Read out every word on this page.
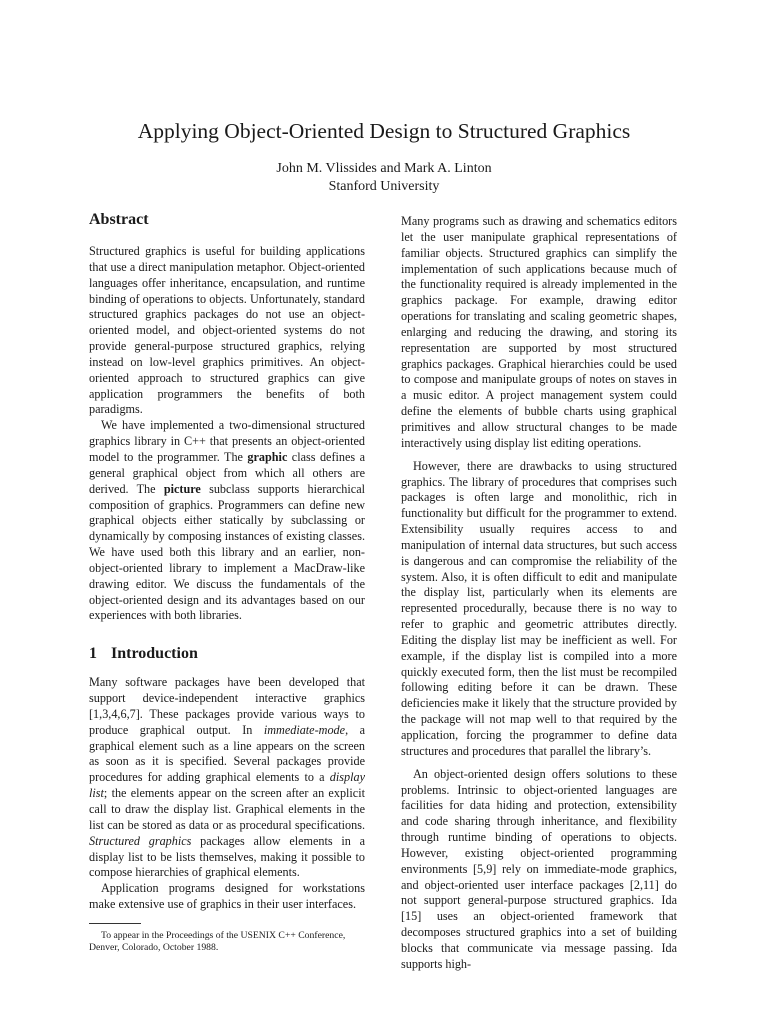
Applying Object-Oriented Design to Structured Graphics
John M. Vlissides and Mark A. Linton
Stanford University
Abstract

Structured graphics is useful for building applications that use a direct manipulation metaphor. Object-oriented languages offer inheritance, encapsulation, and runtime binding of operations to objects. Unfortunately, standard structured graphics packages do not use an object-oriented model, and object-oriented systems do not provide general-purpose structured graphics, relying instead on low-level graphics primitives. An object-oriented approach to structured graphics can give application programmers the benefits of both paradigms.

We have implemented a two-dimensional structured graphics library in C++ that presents an object-oriented model to the programmer. The graphic class defines a general graphical object from which all others are derived. The picture subclass supports hierarchical composition of graphics. Programmers can define new graphical objects either statically by subclassing or dynamically by composing instances of existing classes. We have used both this library and an earlier, non-object-oriented library to implement a MacDraw-like drawing editor. We discuss the fundamentals of the object-oriented design and its advantages based on our experiences with both libraries.

1 Introduction

Many software packages have been developed that support device-independent interactive graphics [1,3,4,6,7]. These packages provide various ways to produce graphical output. In immediate-mode, a graphical element such as a line appears on the screen as soon as it is specified. Several packages provide procedures for adding graphical elements to a display list; the elements appear on the screen after an explicit call to draw the display list. Graphical elements in the list can be stored as data or as procedural specifications. Structured graphics packages allow elements in a display list to be lists themselves, making it possible to compose hierarchies of graphical elements.

Application programs designed for workstations make extensive use of graphics in their user interfaces.

To appear in the Proceedings of the USENIX C++ Conference, Denver, Colorado, October 1988.

Many programs such as drawing and schematics editors let the user manipulate graphical representations of familiar objects. Structured graphics can simplify the implementation of such applications because much of the functionality required is already implemented in the graphics package. For example, drawing editor operations for translating and scaling geometric shapes, enlarging and reducing the drawing, and storing its representation are supported by most structured graphics packages. Graphical hierarchies could be used to compose and manipulate groups of notes on staves in a music editor. A project management system could define the elements of bubble charts using graphical primitives and allow structural changes to be made interactively using display list editing operations.

However, there are drawbacks to using structured graphics. The library of procedures that comprises such packages is often large and monolithic, rich in functionality but difficult for the programmer to extend. Extensibility usually requires access to and manipulation of internal data structures, but such access is dangerous and can compromise the reliability of the system. Also, it is often difficult to edit and manipulate the display list, particularly when its elements are represented procedurally, because there is no way to refer to graphic and geometric attributes directly. Editing the display list may be inefficient as well. For example, if the display list is compiled into a more quickly executed form, then the list must be recompiled following editing before it can be drawn. These deficiencies make it likely that the structure provided by the package will not map well to that required by the application, forcing the programmer to define data structures and procedures that parallel the library’s.

An object-oriented design offers solutions to these problems. Intrinsic to object-oriented languages are facilities for data hiding and protection, extensibility and code sharing through inheritance, and flexibility through runtime binding of operations to objects. However, existing object-oriented programming environments [5,9] rely on immediate-mode graphics, and object-oriented user interface packages [2,11] do not support general-purpose structured graphics. Ida [15] uses an object-oriented framework that decomposes structured graphics into a set of building blocks that communicate via message passing. Ida supports high-
